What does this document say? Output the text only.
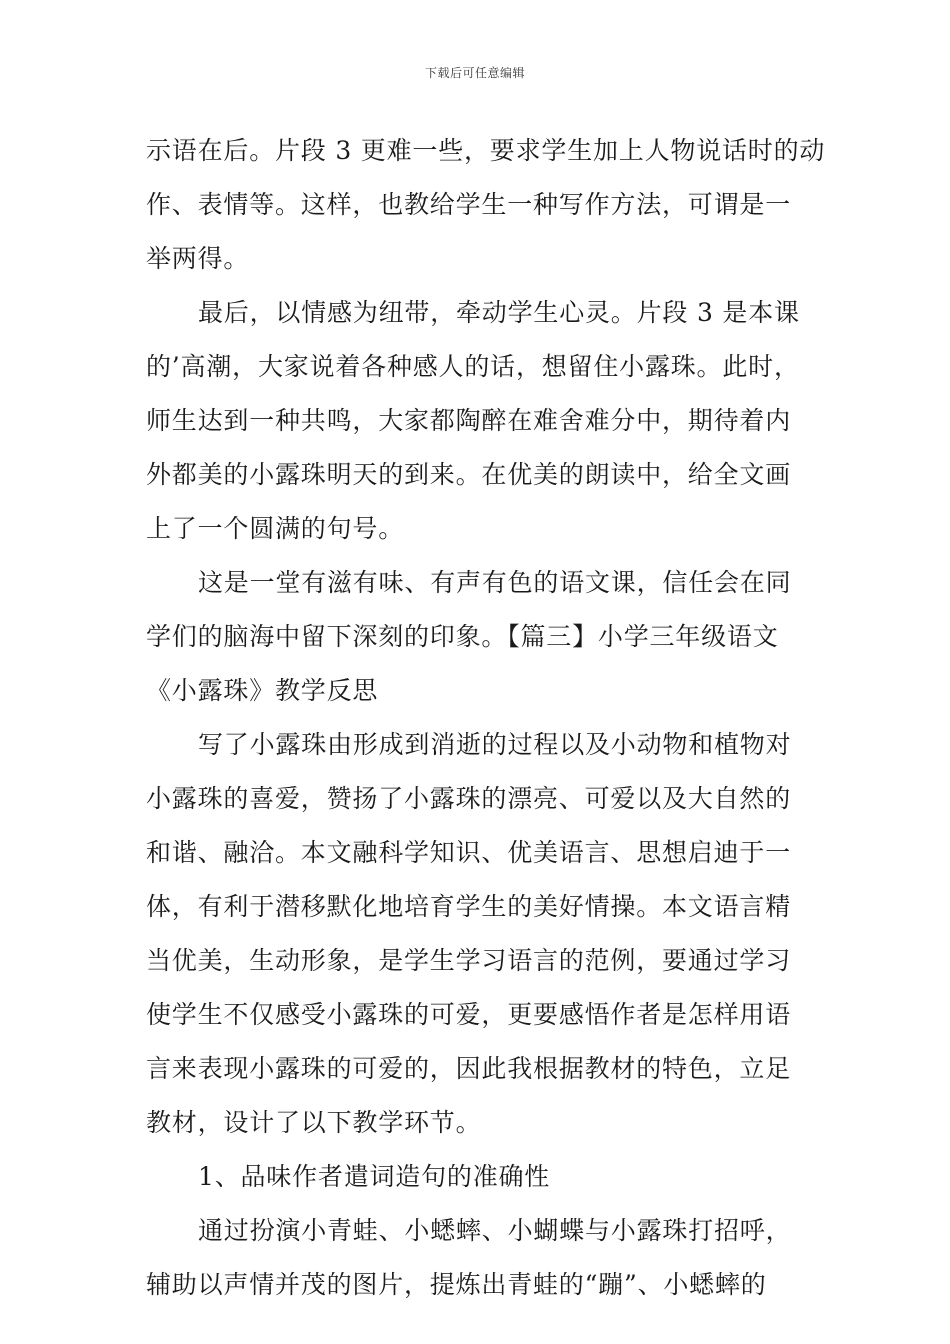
下载后可任意编辑
示语在后。片段 3 更难一些，要求学生加上人物说话时的动
作、表情等。这样，也教给学生一种写作方法，可谓是一
举两得。
最后，以情感为纽带，牵动学生心灵。片段 3 是本课
的’高潮，大家说着各种感人的话，想留住小露珠。此时，
师生达到一种共鸣，大家都陶醉在难舍难分中，期待着内
外都美的小露珠明天的到来。在优美的朗读中，给全文画
上了一个圆满的句号。
这是一堂有滋有味、有声有色的语文课，信任会在同
学们的脑海中留下深刻的印象。【篇三】小学三年级语文
《小露珠》教学反思
写了小露珠由形成到消逝的过程以及小动物和植物对
小露珠的喜爱，赞扬了小露珠的漂亮、可爱以及大自然的
和谐、融洽。本文融科学知识、优美语言、思想启迪于一
体，有利于潜移默化地培育学生的美好情操。本文语言精
当优美，生动形象，是学生学习语言的范例，要通过学习
使学生不仅感受小露珠的可爱，更要感悟作者是怎样用语
言来表现小露珠的可爱的，因此我根据教材的特色，立足
教材，设计了以下教学环节。
1、品味作者遣词造句的准确性
通过扮演小青蛙、小蟋蟀、小蝴蝶与小露珠打招呼，
辅助以声情并茂的图片，提炼出青蛙的“蹦”、小蟋蟀的
